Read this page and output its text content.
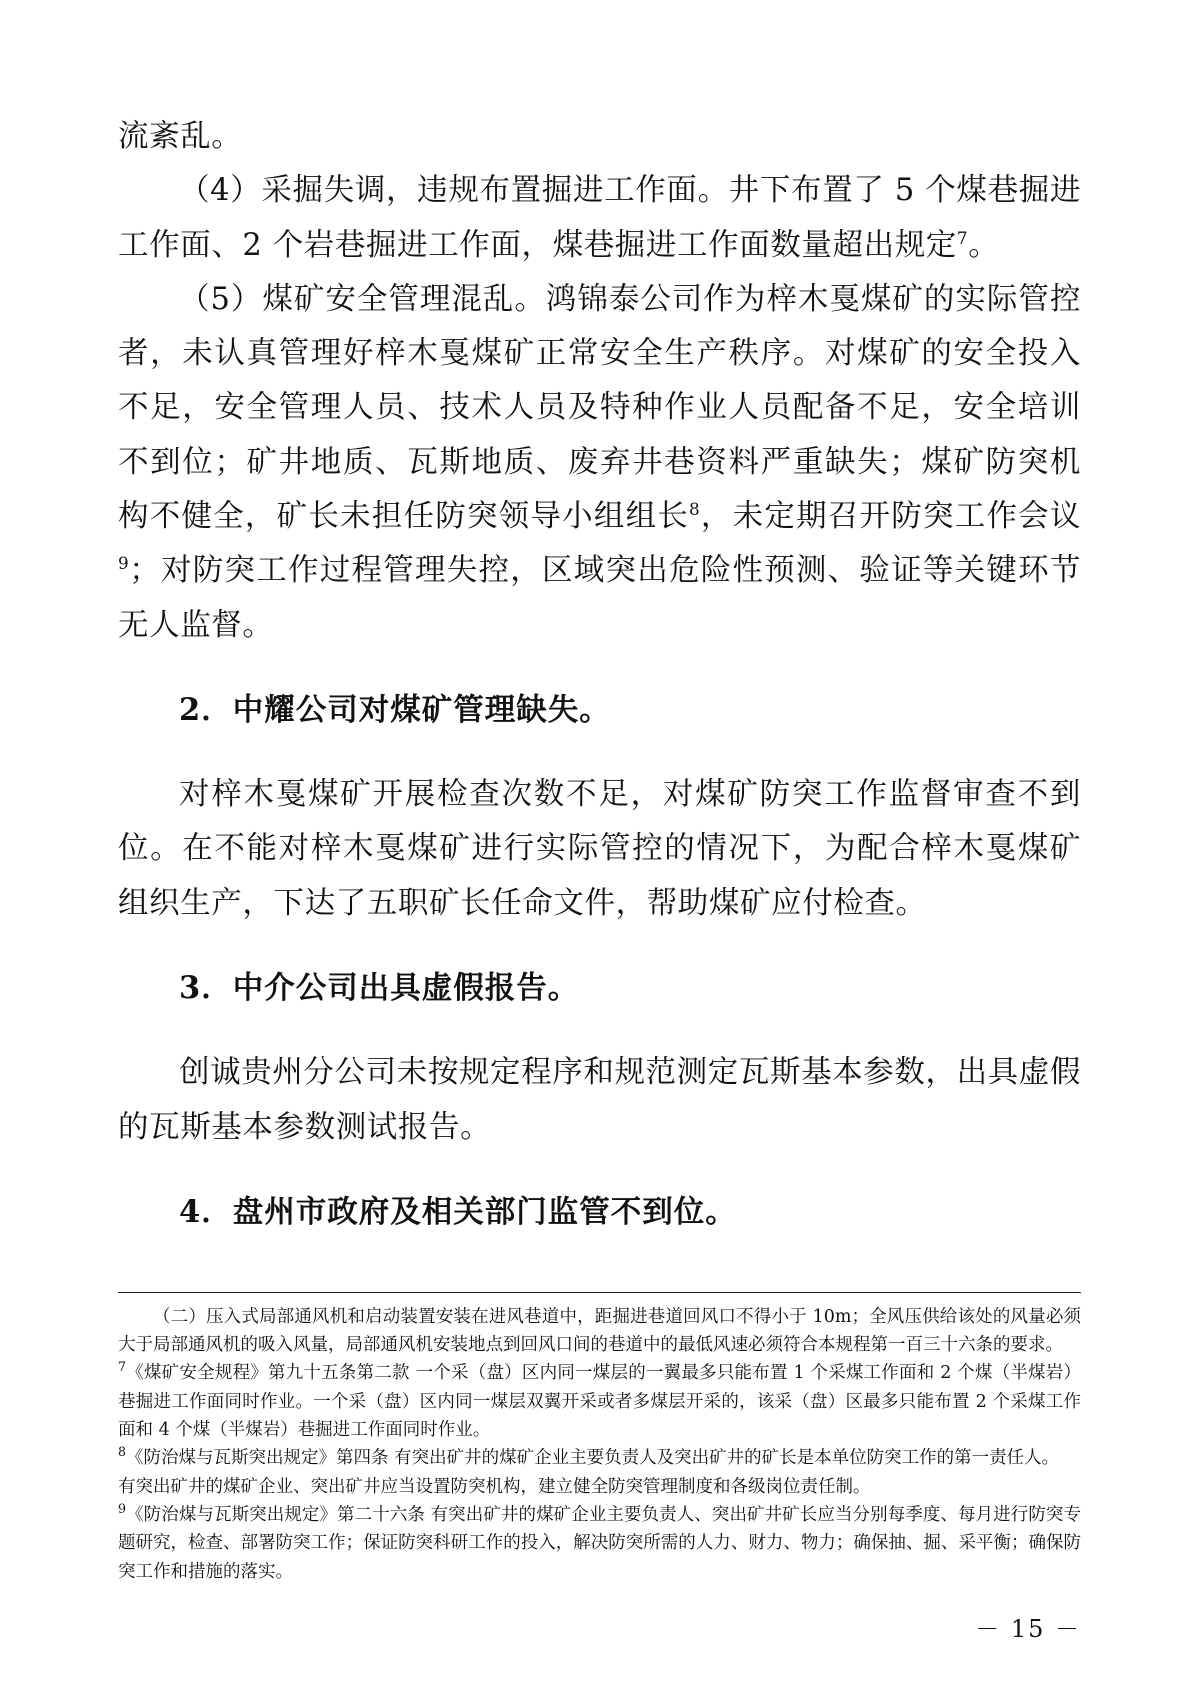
流紊乱。

（4）采掘失调，违规布置掘进工作面。井下布置了 5 个煤巷掘进工作面、2 个岩巷掘进工作面，煤巷掘进工作面数量超出规定$^7$。

（5）煤矿安全管理混乱。鸿锦泰公司作为梓木戛煤矿的实际管控者，未认真管理好梓木戛煤矿正常安全生产秩序。对煤矿的安全投入不足，安全管理人员、技术人员及特种作业人员配备不足，安全培训不到位；矿井地质、瓦斯地质、废弃井巷资料严重缺失；煤矿防突机构不健全，矿长未担任防突领导小组组长$^8$，未定期召开防突工作会议$^9$；对防突工作过程管理失控，区域突出危险性预测、验证等关键环节无人监督。

2．中耀公司对煤矿管理缺失。

对梓木戛煤矿开展检查次数不足，对煤矿防突工作监督审查不到位。在不能对梓木戛煤矿进行实际管控的情况下，为配合梓木戛煤矿组织生产，下达了五职矿长任命文件，帮助煤矿应付检查。

3．中介公司出具虚假报告。

创诚贵州分公司未按规定程序和规范测定瓦斯基本参数，出具虚假的瓦斯基本参数测试报告。

4．盘州市政府及相关部门监管不到位。

（二）压入式局部通风机和启动装置安装在进风巷道中，距掘进巷道回风口不得小于 10m；全风压供给该处的风量必须大于局部通风机的吸入风量，局部通风机安装地点到回风口间的巷道中的最低风速必须符合本规程第一百三十六条的要求。

$^7$《煤矿安全规程》第九十五条第二款 一个采（盘）区内同一煤层的一翼最多只能布置 1 个采煤工作面和 2 个煤（半煤岩）巷掘进工作面同时作业。一个采（盘）区内同一煤层双翼开采或者多煤层开采的，该采（盘）区最多只能布置 2 个采煤工作面和 4 个煤（半煤岩）巷掘进工作面同时作业。

$^8$《防治煤与瓦斯突出规定》第四条 有突出矿井的煤矿企业主要负责人及突出矿井的矿长是本单位防突工作的第一责任人。

有突出矿井的煤矿企业、突出矿井应当设置防突机构，建立健全防突管理制度和各级岗位责任制。

$^9$《防治煤与瓦斯突出规定》第二十六条 有突出矿井的煤矿企业主要负责人、突出矿井矿长应当分别每季度、每月进行防突专题研究，检查、部署防突工作；保证防突科研工作的投入，解决防突所需的人力、财力、物力；确保抽、掘、采平衡；确保防突工作和措施的落实。

－ 15 －
